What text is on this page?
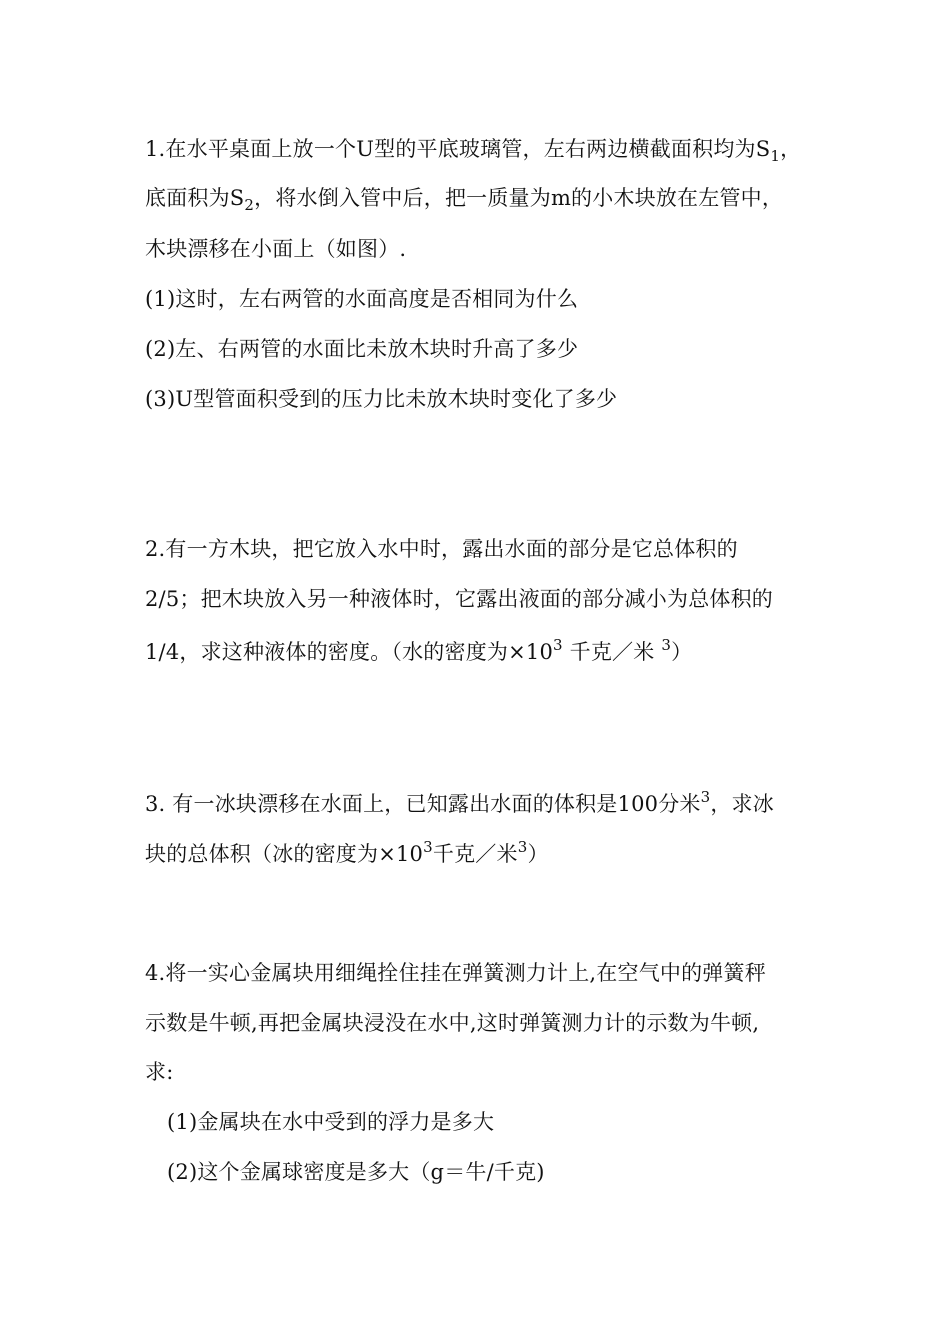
1.在水平桌面上放一个U型的平底玻璃管，左右两边横截面积均为$S_1$，
底面积为$S_2$，将水倒入管中后，把一质量为m的小木块放在左管中，
木块漂移在小面上（如图）.
(1)这时，左右两管的水面高度是否相同为什么
(2)左、右两管的水面比未放木块时升高了多少
(3)U型管面积受到的压力比未放木块时变化了多少
2.有一方木块，把它放入水中时，露出水面的部分是它总体积的
2/5；把木块放入另一种液体时，它露出液面的部分减小为总体积的
1/4，求这种液体的密度。（水的密度为$\times 10^3$ 千克／米 $^3$）
3. 有一冰块漂移在水面上，已知露出水面的体积是100分米$^3$，求冰
块的总体积（冰的密度为$\times 10^3$千克／米$^3$）
4.将一实心金属块用细绳拴住挂在弹簧测力计上,在空气中的弹簧秤
示数是牛顿,再把金属块浸没在水中,这时弹簧测力计的示数为牛顿,
求:
(1)金属块在水中受到的浮力是多大
(2)这个金属球密度是多大（g＝牛/千克)
